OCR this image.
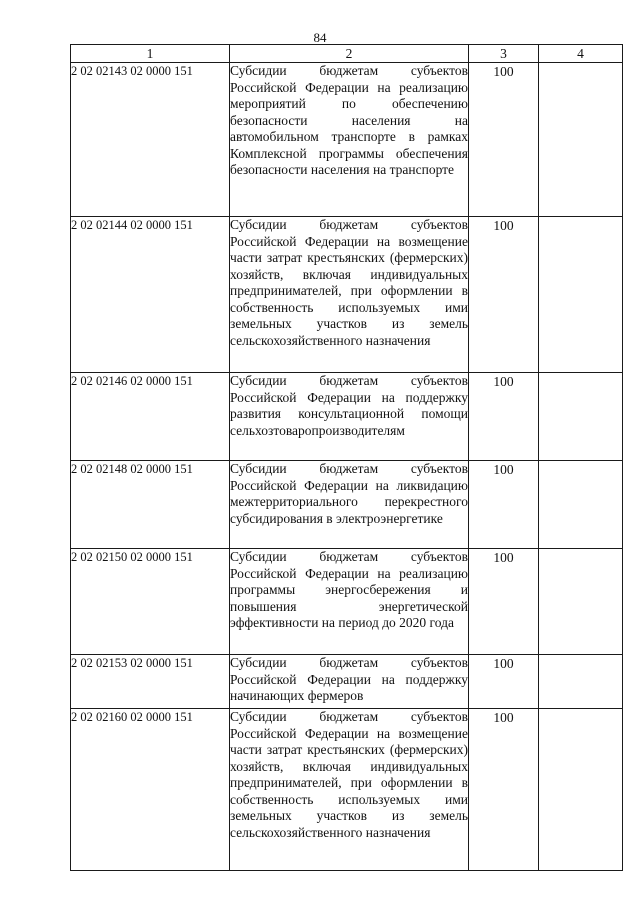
84
1	2	3	4
2 02 02143 02 0000 151	Субсидии бюджетам субъектов Российской Федерации на реализацию мероприятий по обеспечению безопасности населения на автомобильном транспорте в рамках Комплексной программы обеспечения безопасности населения на транспорте	100	
2 02 02144 02 0000 151	Субсидии бюджетам субъектов Российской Федерации на возмещение части затрат крестьянских (фермерских) хозяйств, включая индивидуальных предпринимателей, при оформлении в собственность используемых ими земельных участков из земель сельскохозяйственного назначения	100	
2 02 02146 02 0000 151	Субсидии бюджетам субъектов Российской Федерации на поддержку развития консультационной помощи сельхозтоваропроизводителям	100	
2 02 02148 02 0000 151	Субсидии бюджетам субъектов Российской Федерации на ликвидацию межтерриториального перекрестного субсидирования в электроэнергетике	100	
2 02 02150 02 0000 151	Субсидии бюджетам субъектов Российской Федерации на реализацию программы энергосбережения и повышения энергетической эффективности на период до 2020 года	100	
2 02 02153 02 0000 151	Субсидии бюджетам субъектов Российской Федерации на поддержку начинающих фермеров	100	
2 02 02160 02 0000 151	Субсидии бюджетам субъектов Российской Федерации на возмещение части затрат крестьянских (фермерских) хозяйств, включая индивидуальных предпринимателей, при оформлении в собственность используемых ими земельных участков из земель сельскохозяйственного назначения	100	
